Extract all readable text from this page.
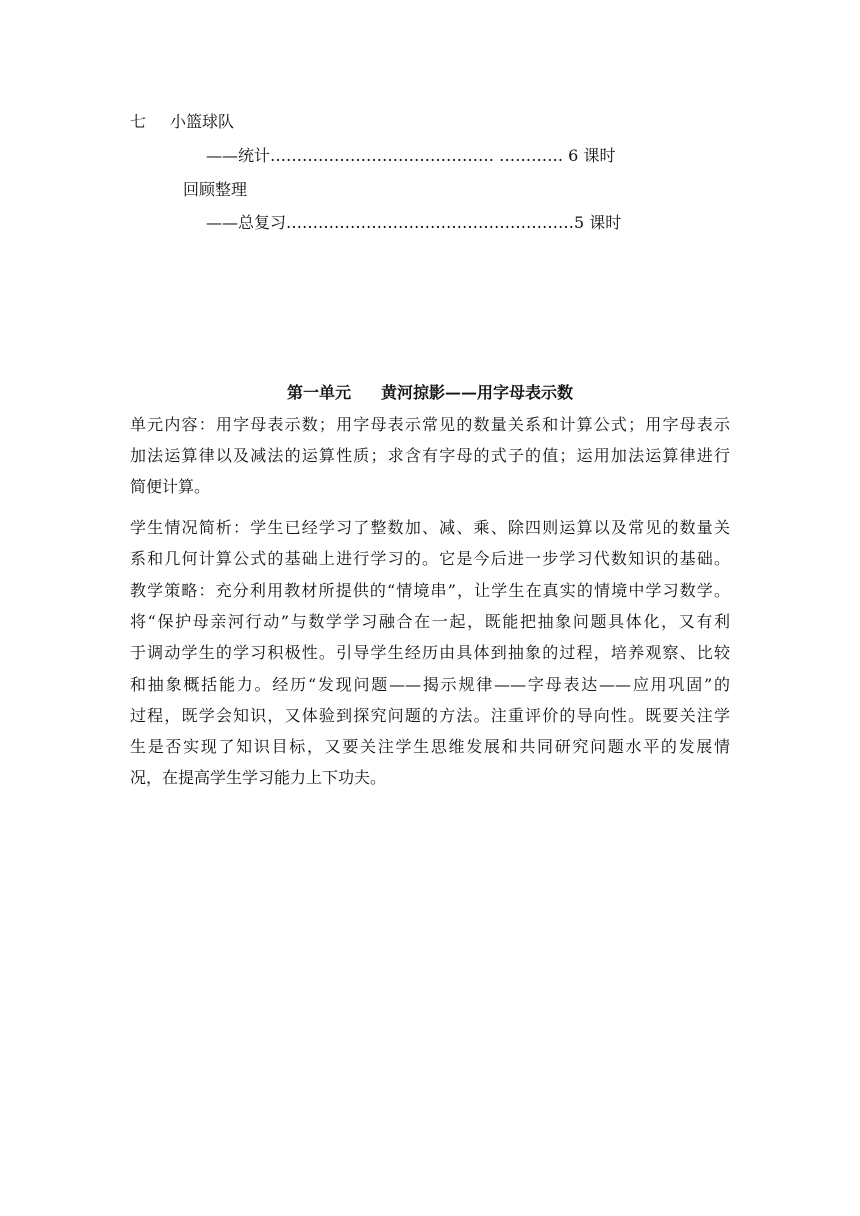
七 小篮球队
——统计…………………………………… ………… 6 课时
回顾整理
——总复习………………………………………………5 课时
第一单元 黄河掠影——用字母表示数
单元内容：用字母表示数；用字母表示常见的数量关系和计算公式；用字母表示
加法运算律以及减法的运算性质；求含有字母的式子的值；运用加法运算律进行
简便计算。
学生情况简析：学生已经学习了整数加、减、乘、除四则运算以及常见的数量关
系和几何计算公式的基础上进行学习的。它是今后进一步学习代数知识的基础。
教学策略：充分利用教材所提供的“情境串”，让学生在真实的情境中学习数学。
将“保护母亲河行动”与数学学习融合在一起，既能把抽象问题具体化，又有利
于调动学生的学习积极性。引导学生经历由具体到抽象的过程，培养观察、比较
和抽象概括能力。经历“发现问题——揭示规律——字母表达——应用巩固”的
过程，既学会知识，又体验到探究问题的方法。注重评价的导向性。既要关注学
生是否实现了知识目标，又要关注学生思维发展和共同研究问题水平的发展情
况，在提高学生学习能力上下功夫。
